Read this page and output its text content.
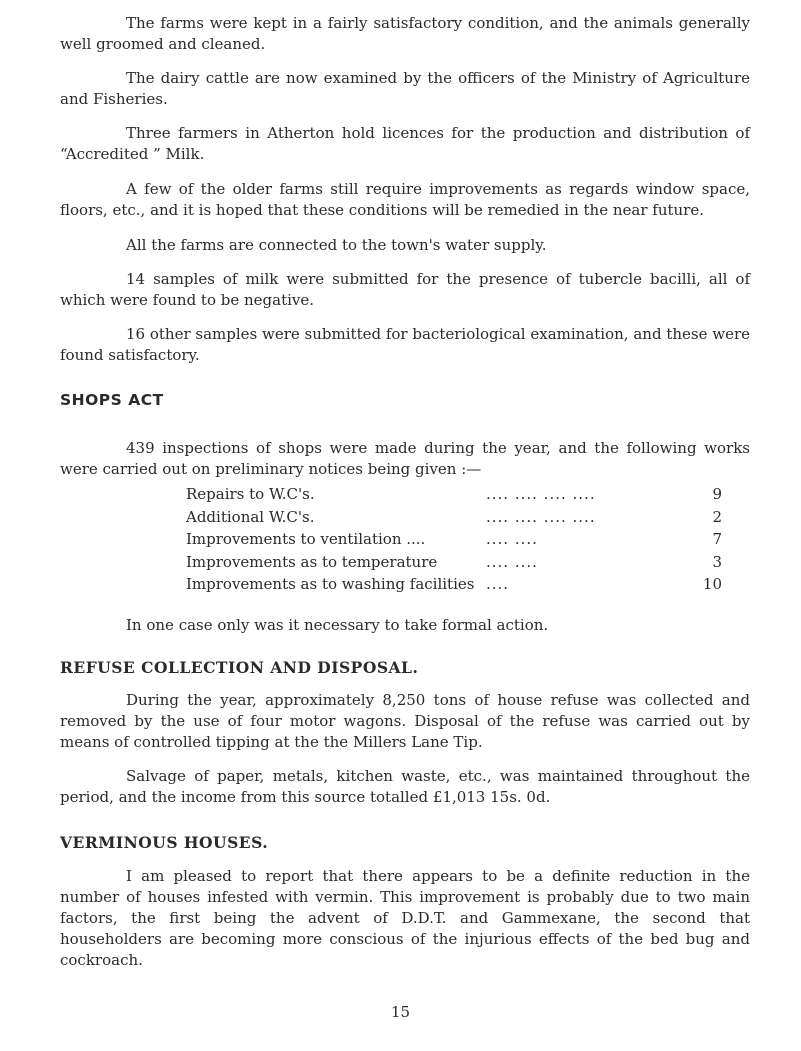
The farms were kept in a fairly satisfactory condition, and the animals generally well groomed and cleaned.

The dairy cattle are now examined by the officers of the Ministry of Agriculture and Fisheries.

Three farmers in Atherton hold licences for the production and distribution of “Accredited ” Milk.

A few of the older farms still require improvements as regards window space, floors, etc., and it is hoped that these conditions will be remedied in the near future.

All the farms are connected to the town's water supply.

14 samples of milk were submitted for the presence of tubercle bacilli, all of which were found to be negative.

16 other samples were submitted for bacteriological examination, and these were found satisfactory.

SHOPS ACT

439 inspections of shops were made during the year, and the following works were carried out on preliminary notices being given :—

Repairs to W.C's.	.... .... .... ....	9
Additional W.C's.	.... .... .... ....	2
Improvements to ventilation ....	.... ....	7
Improvements as to temperature	.... ....	3
Improvements as to washing facilities ....	10

In one case only was it necessary to take formal action.

REFUSE COLLECTION AND DISPOSAL.

During the year, approximately 8,250 tons of house refuse was collected and removed by the use of four motor wagons. Disposal of the refuse was carried out by means of controlled tipping at the the Millers Lane Tip.

Salvage of paper, metals, kitchen waste, etc., was maintained throughout the period, and the income from this source totalled £1,013 15s. 0d.

VERMINOUS HOUSES.

I am pleased to report that there appears to be a definite reduction in the number of houses infested with vermin. This improvement is probably due to two main factors, the first being the advent of D.D.T. and Gammexane, the second that householders are becoming more conscious of the injurious effects of the bed bug and cockroach.

15
